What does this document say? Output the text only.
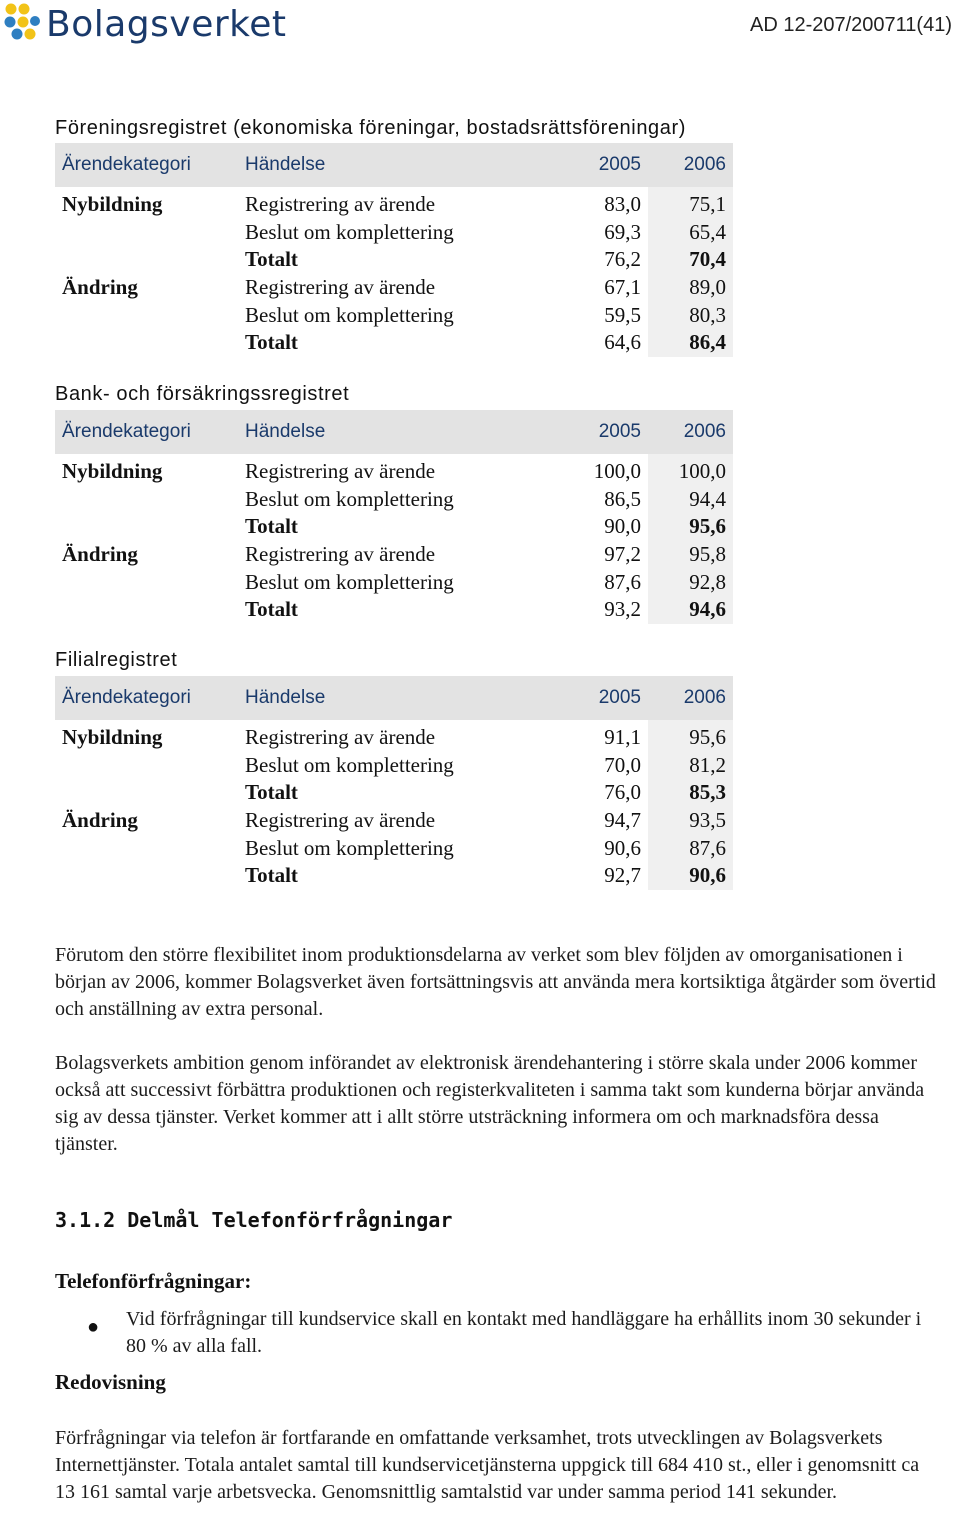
Bolagsverket	AD 12-207/200711(41)
Föreningsregistret (ekonomiska föreningar, bostadsrättsföreningar)
Ärendekategori	Händelse	2005	2006
Nybildning	Registrering av ärende	83,0	75,1
	Beslut om komplettering	69,3	65,4
	Totalt	76,2	70,4
Ändring	Registrering av ärende	67,1	89,0
	Beslut om komplettering	59,5	80,3
	Totalt	64,6	86,4
Bank- och försäkringssregistret
Ärendekategori	Händelse	2005	2006
Nybildning	Registrering av ärende	100,0	100,0
	Beslut om komplettering	86,5	94,4
	Totalt	90,0	95,6
Ändring	Registrering av ärende	97,2	95,8
	Beslut om komplettering	87,6	92,8
	Totalt	93,2	94,6
Filialregistret
Ärendekategori	Händelse	2005	2006
Nybildning	Registrering av ärende	91,1	95,6
	Beslut om komplettering	70,0	81,2
	Totalt	76,0	85,3
Ändring	Registrering av ärende	94,7	93,5
	Beslut om komplettering	90,6	87,6
	Totalt	92,7	90,6

Förutom den större flexibilitet inom produktionsdelarna av verket som blev följden av omorganisationen i början av 2006, kommer Bolagsverket även fortsättningsvis att använda mera kortsiktiga åtgärder som övertid och anställning av extra personal.

Bolagsverkets ambition genom införandet av elektronisk ärendehantering i större skala under 2006 kommer också att successivt förbättra produktionen och registerkvaliteten i samma takt som kunderna börjar använda sig av dessa tjänster. Verket kommer att i allt större utsträckning informera om och marknadsföra dessa tjänster.

3.1.2 Delmål Telefonförfrågningar
Telefonförfrågningar:
● Vid förfrågningar till kundservice skall en kontakt med handläggare ha erhållits inom 30 sekunder i 80 % av alla fall.

Redovisning

Förfrågningar via telefon är fortfarande en omfattande verksamhet, trots utvecklingen av Bolagsverkets Internettjänster. Totala antalet samtal till kundservicetjänsterna uppgick till 684 410 st., eller i genomsnitt ca 13 161 samtal varje arbetsvecka. Genomsnittlig samtalstid var under samma period 141 sekunder.
